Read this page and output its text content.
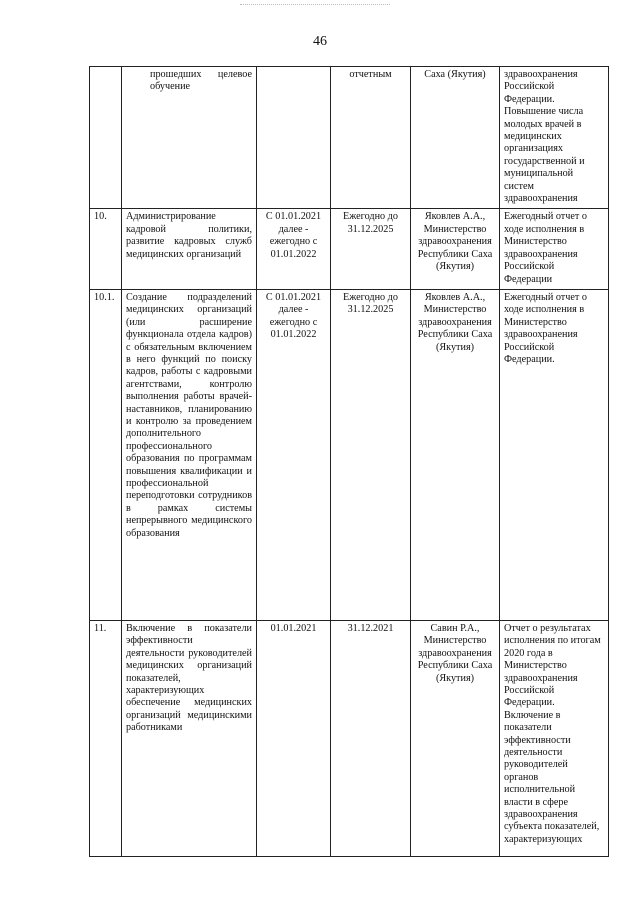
46
	прошедших целевое обучение		отчетным	Саха (Якутия)	здравоохранения Российской Федерации. Повышение числа молодых врачей в медицинских организациях государственной и муниципальной систем здравоохранения
10.	Администрирование кадровой политики, развитие кадровых служб медицинских организаций	С 01.01.2021 далее - ежегодно с 01.01.2022	Ежегодно до 31.12.2025	Яковлев А.А., Министерство здравоохранения Республики Саха (Якутия)	Ежегодный отчет о ходе исполнения в Министерство здравоохранения Российской Федерации
10.1.	Создание подразделений медицинских организаций (или расширение функционала отдела кадров) с обязательным включением в него функций по поиску кадров, работы с кадровыми агентствами, контролю выполнения работы врачей-наставников, планированию и контролю за проведением дополнительного профессионального образования по программам повышения квалификации и профессиональной переподготовки сотрудников в рамках системы непрерывного медицинского образования	С 01.01.2021 далее - ежегодно с 01.01.2022	Ежегодно до 31.12.2025	Яковлев А.А., Министерство здравоохранения Республики Саха (Якутия)	Ежегодный отчет о ходе исполнения в Министерство здравоохранения Российской Федерации.
11.	Включение в показатели эффективности деятельности руководителей медицинских организаций показателей, характеризующих обеспечение медицинских организаций медицинскими работниками	01.01.2021	31.12.2021	Савин Р.А., Министерство здравоохранения Республики Саха (Якутия)	Отчет о результатах исполнения по итогам 2020 года в Министерство здравоохранения Российской Федерации. Включение в показатели эффективности деятельности руководителей органов исполнительной власти в сфере здравоохранения субъекта показателей, характеризующих
